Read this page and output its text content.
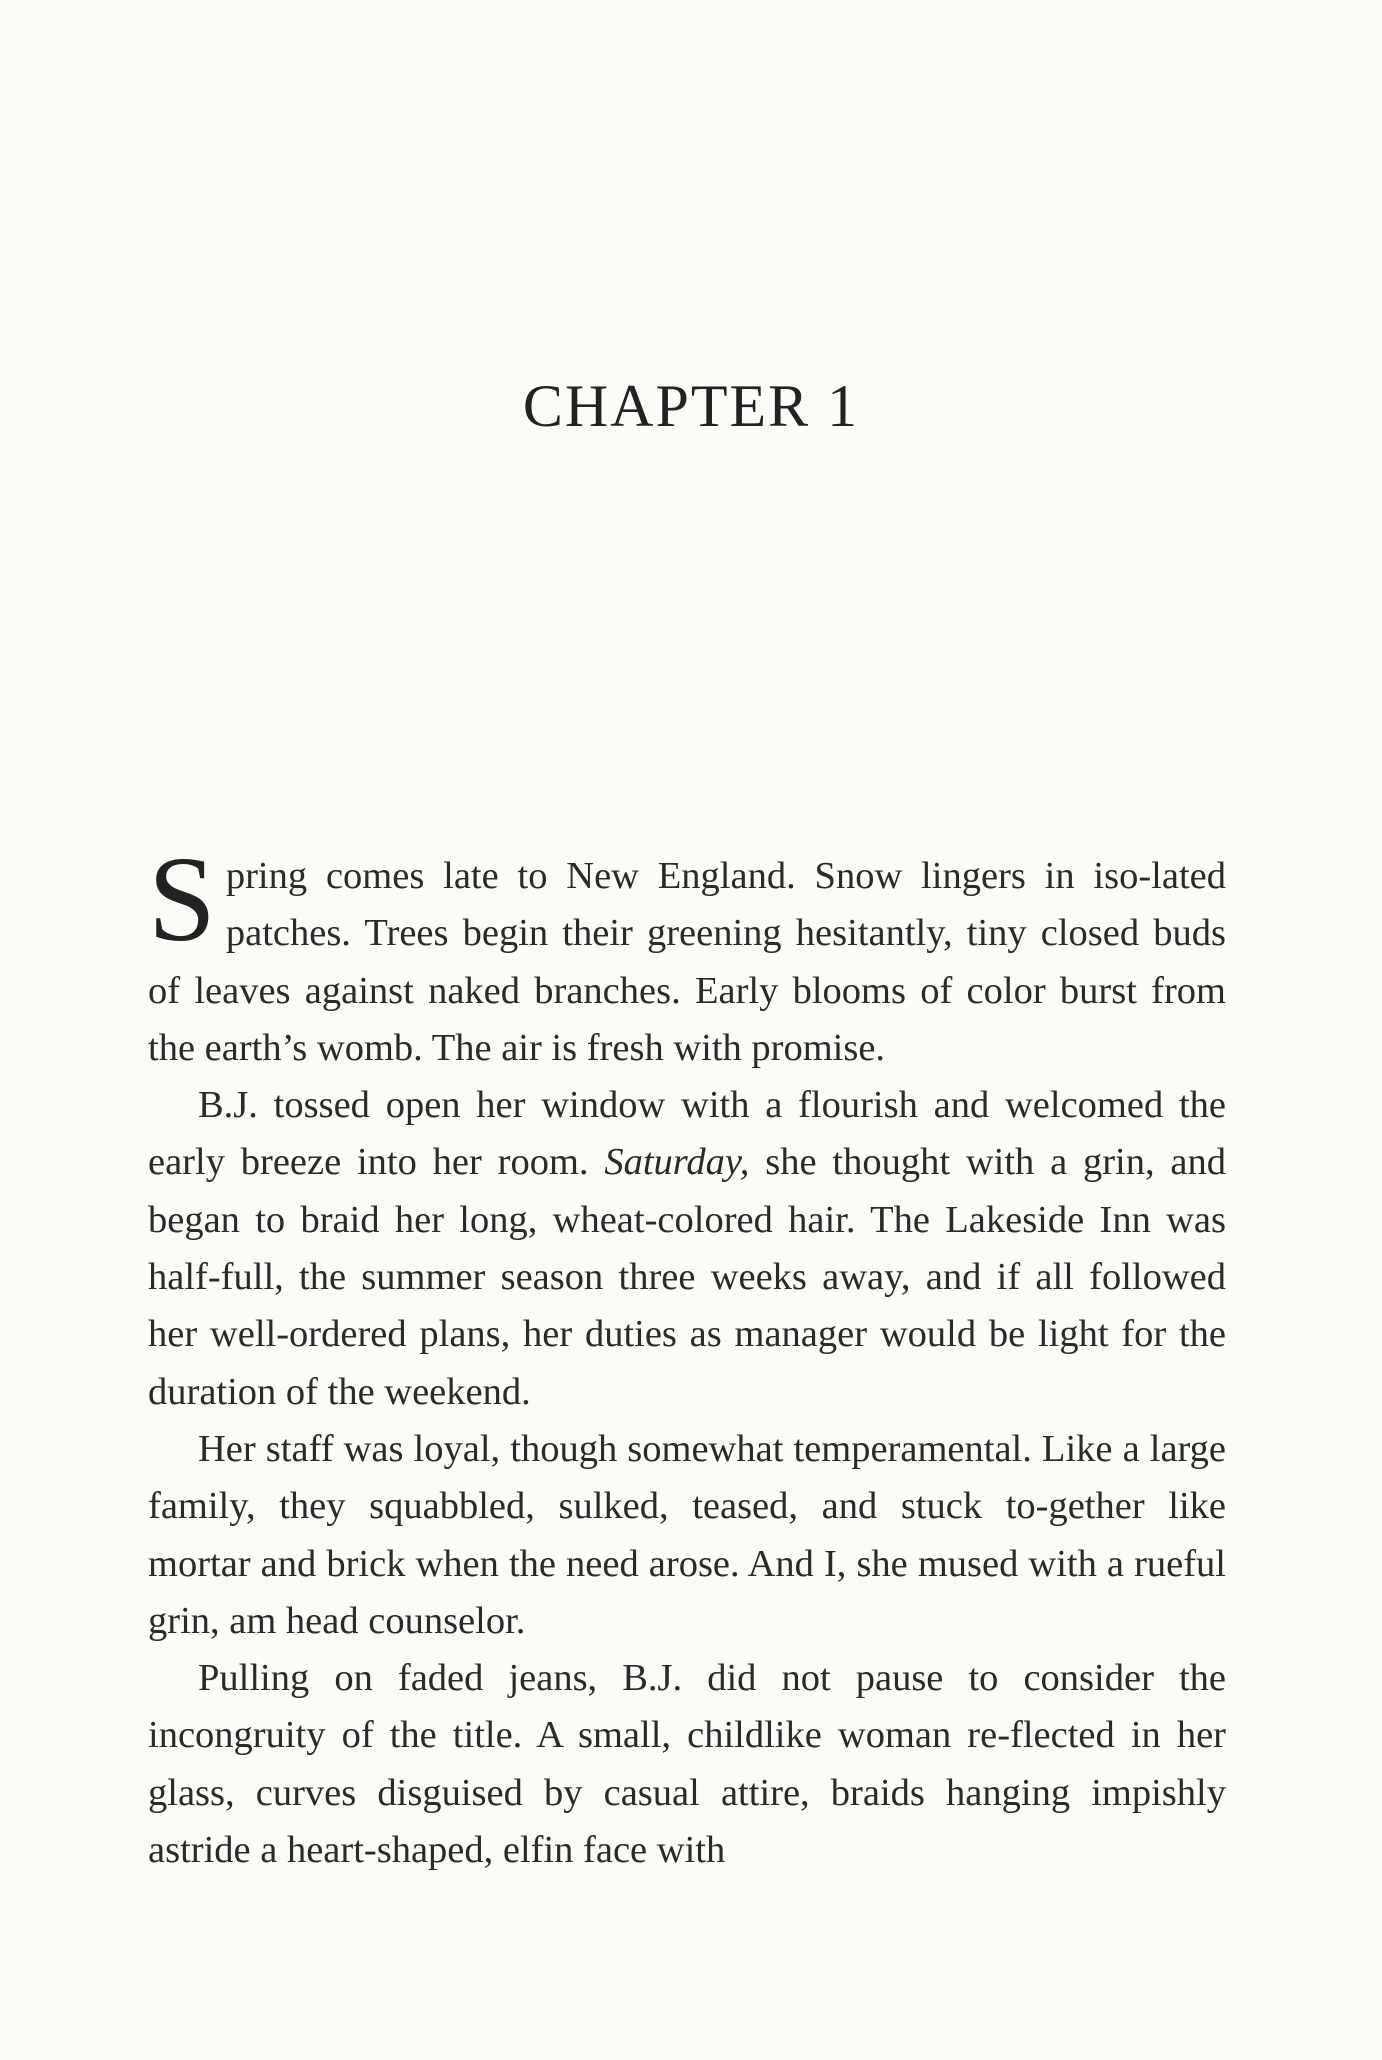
CHAPTER 1

Spring comes late to New England. Snow lingers in iso-lated patches. Trees begin their greening hesitantly, tiny closed buds of leaves against naked branches. Early blooms of color burst from the earth’s womb. The air is fresh with promise.

B.J. tossed open her window with a flourish and welcomed the early breeze into her room. Saturday, she thought with a grin, and began to braid her long, wheat-colored hair. The Lakeside Inn was half-full, the summer season three weeks away, and if all followed her well-ordered plans, her duties as manager would be light for the duration of the weekend.

Her staff was loyal, though somewhat temperamental. Like a large family, they squabbled, sulked, teased, and stuck to-gether like mortar and brick when the need arose. And I, she mused with a rueful grin, am head counselor.

Pulling on faded jeans, B.J. did not pause to consider the incongruity of the title. A small, childlike woman re-flected in her glass, curves disguised by casual attire, braids hanging impishly astride a heart-shaped, elfin face with
